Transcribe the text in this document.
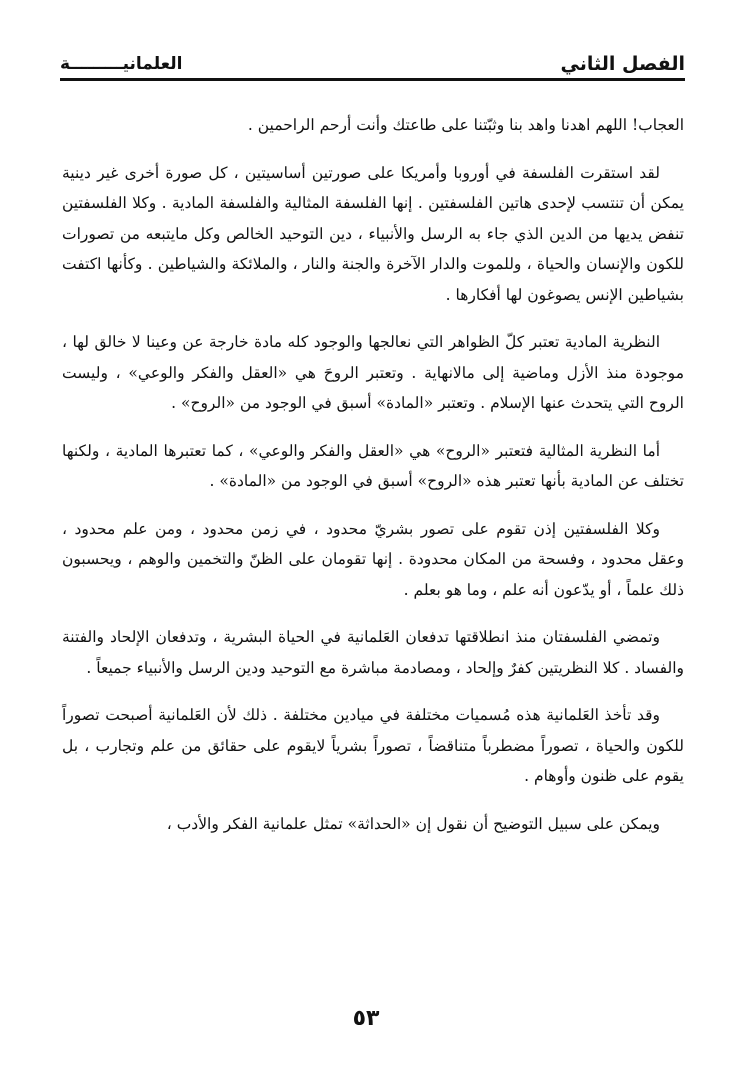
الفصل الثاني
العلمانيـــــــــة

العجاب! اللهم اهدنا واهد بنا وثبّتنا على طاعتك وأنت أرحم الراحمين .

لقد استقرت الفلسفة في أوروبا وأمريكا على صورتين أساسيتين ، كل صورة أخرى غير دينية يمكن أن تنتسب لإحدى هاتين الفلسفتين . إنها الفلسفة المثالية والفلسفة المادية . وكلا الفلسفتين تنفض يديها من الدين الذي جاء به الرسل والأنبياء ، دين التوحيد الخالص وكل مايتبعه من تصورات للكون والإنسان والحياة ، وللموت والدار الآخرة والجنة والنار ، والملائكة والشياطين . وكأنها اكتفت بشياطين الإنس يصوغون لها أفكارها .

النظرية المادية تعتبر كلّ الظواهر التي نعالجها والوجود كله مادة خارجة عن وعينا لا خالق لها ، موجودة منذ الأزل وماضية إلى مالانهاية . وتعتبر الروحَ هي «العقل والفكر والوعي» ، وليست الروح التي يتحدث عنها الإسلام . وتعتبر «المادة» أسبق في الوجود من «الروح» .

أما النظرية المثالية فتعتبر «الروح» هي «العقل والفكر والوعي» ، كما تعتبرها المادية ، ولكنها تختلف عن المادية بأنها تعتبر هذه «الروح» أسبق في الوجود من «المادة» .

وكلا الفلسفتين إذن تقوم على تصور بشريّ محدود ، في زمن محدود ، ومن علم محدود ، وعقل محدود ، وفسحة من المكان محدودة . إنها تقومان على الظنّ والتخمين والوهم ، ويحسبون ذلك علماً ، أو يدّعون أنه علم ، وما هو بعلم .

وتمضي الفلسفتان منذ انطلاقتها تدفعان العَلمانية في الحياة البشرية ، وتدفعان الإلحاد والفتنة والفساد . كلا النظريتين كفرٌ وإلحاد ، ومصادمة مباشرة مع التوحيد ودين الرسل والأنبياء جميعاً .

وقد تأخذ العَلمانية هذه مُسميات مختلفة في ميادين مختلفة . ذلك لأن العَلمانية أصبحت تصوراً للكون والحياة ، تصوراً مضطرباً متناقضاً ، تصوراً بشرياً لايقوم على حقائق من علم وتجارب ، بل يقوم على ظنون وأوهام .

ويمكن على سبيل التوضيح أن نقول إن «الحداثة» تمثل علمانية الفكر والأدب ،

٥٣
